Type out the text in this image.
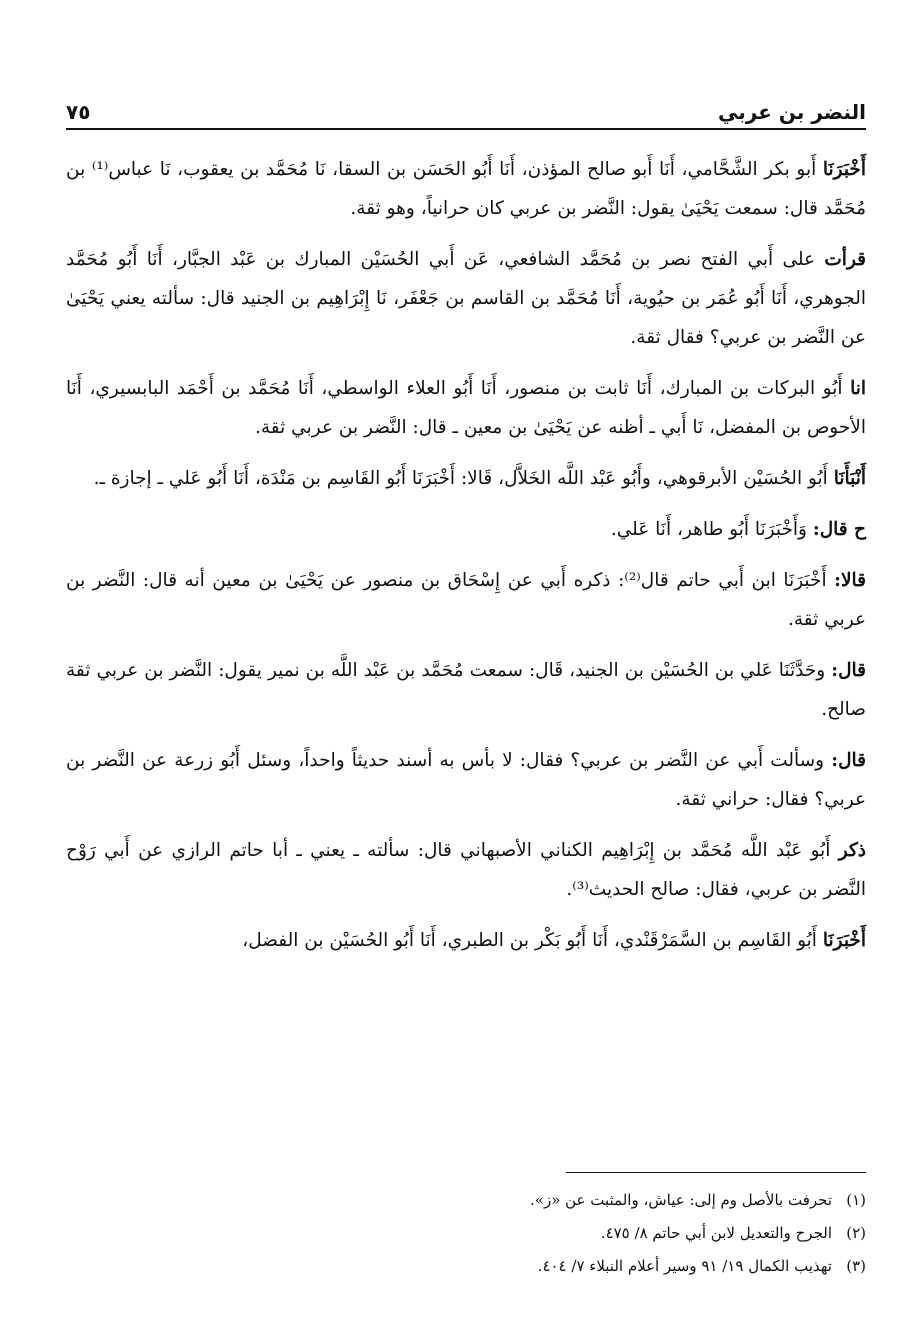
النضر بن عربي
٧٥

أَخْبَرَنَا أَبو بكر الشَّحَّامي، أَنَا أَبو صالح المؤذن، أَنَا أَبُو الحَسَن بن السقا، نَا مُحَمَّد بن يعقوب، نَا عباس⁽¹⁾ بن مُحَمَّد قال: سمعت يَحْيَىٰ يقول: النَّضر بن عربي كان حرانياً، وهو ثقة.

قرأت على أَبي الفتح نصر بن مُحَمَّد الشافعي، عَن أَبي الحُسَيْن المبارك بن عَبْد الجبَّار، أَنَا أَبُو مُحَمَّد الجوهري، أَنَا أَبُو عُمَر بن حيُوية، أَنَا مُحَمَّد بن القاسم بن جَعْفَر، نَا إِبْرَاهِيم بن الجنيد قال: سألته يعني يَحْيَىٰ عن النَّضر بن عربي؟ فقال ثقة.

انا أَبُو البركات بن المبارك، أَنَا ثابت بن منصور، أَنَا أَبُو العلاء الواسطي، أَنَا مُحَمَّد بن أَحْمَد البابسيري، أَنَا الأحوص بن المفضل، نَا أَبي ـ أظنه عن يَحْيَىٰ بن معين ـ قال: النَّضر بن عربي ثقة.

أَنْبَأَنَا أَبُو الحُسَيْن الأبرقوهي، وأَبُو عَبْد اللَّه الخَلاَّل، قَالا: أَخْبَرَنَا أَبُو القَاسِم بن مَنْدَة، أَنَا أَبُو عَلي ـ إجازة ـ.

ح قال: وَأَخْبَرَنَا أَبُو طاهر، أَنَا عَلي.

قالا: أَخْبَرَنَا ابن أَبي حاتم قال⁽²⁾: ذكره أَبي عن إِسْحَاق بن منصور عن يَحْيَىٰ بن معين أنه قال: النَّضر بن عربي ثقة.

قال: وحَدَّثَنَا عَلي بن الحُسَيْن بن الجنيد، قَال: سمعت مُحَمَّد بن عَبْد اللَّه بن نمير يقول: النَّضر بن عربي ثقة صالح.

قال: وسألت أَبي عن النَّضر بن عربي؟ فقال: لا بأس به أسند حديثاً واحداً، وسئل أَبُو زرعة عن النَّضر بن عربي؟ فقال: حراني ثقة.

ذكر أَبُو عَبْد اللَّه مُحَمَّد بن إِبْرَاهِيم الكناني الأصبهاني قال: سألته ـ يعني ـ أبا حاتم الرازي عن أَبي رَوْح النَّضر بن عربي، فقال: صالح الحديث⁽³⁾.

أَخْبَرَنَا أَبُو القَاسِم بن السَّمَرْقَنْدي، أَنَا أَبُو بَكْر بن الطبري، أَنَا أَبُو الحُسَيْن بن الفضل،

(١)تحرفت بالأصل وم إلى: عياش، والمثبت عن «ز».
(٢)الجرح والتعديل لابن أبي حاتم ٨/ ٤٧٥.
(٣)تهذيب الكمال ١٩/ ٩١ وسير أعلام النبلاء ٧/ ٤٠٤.
